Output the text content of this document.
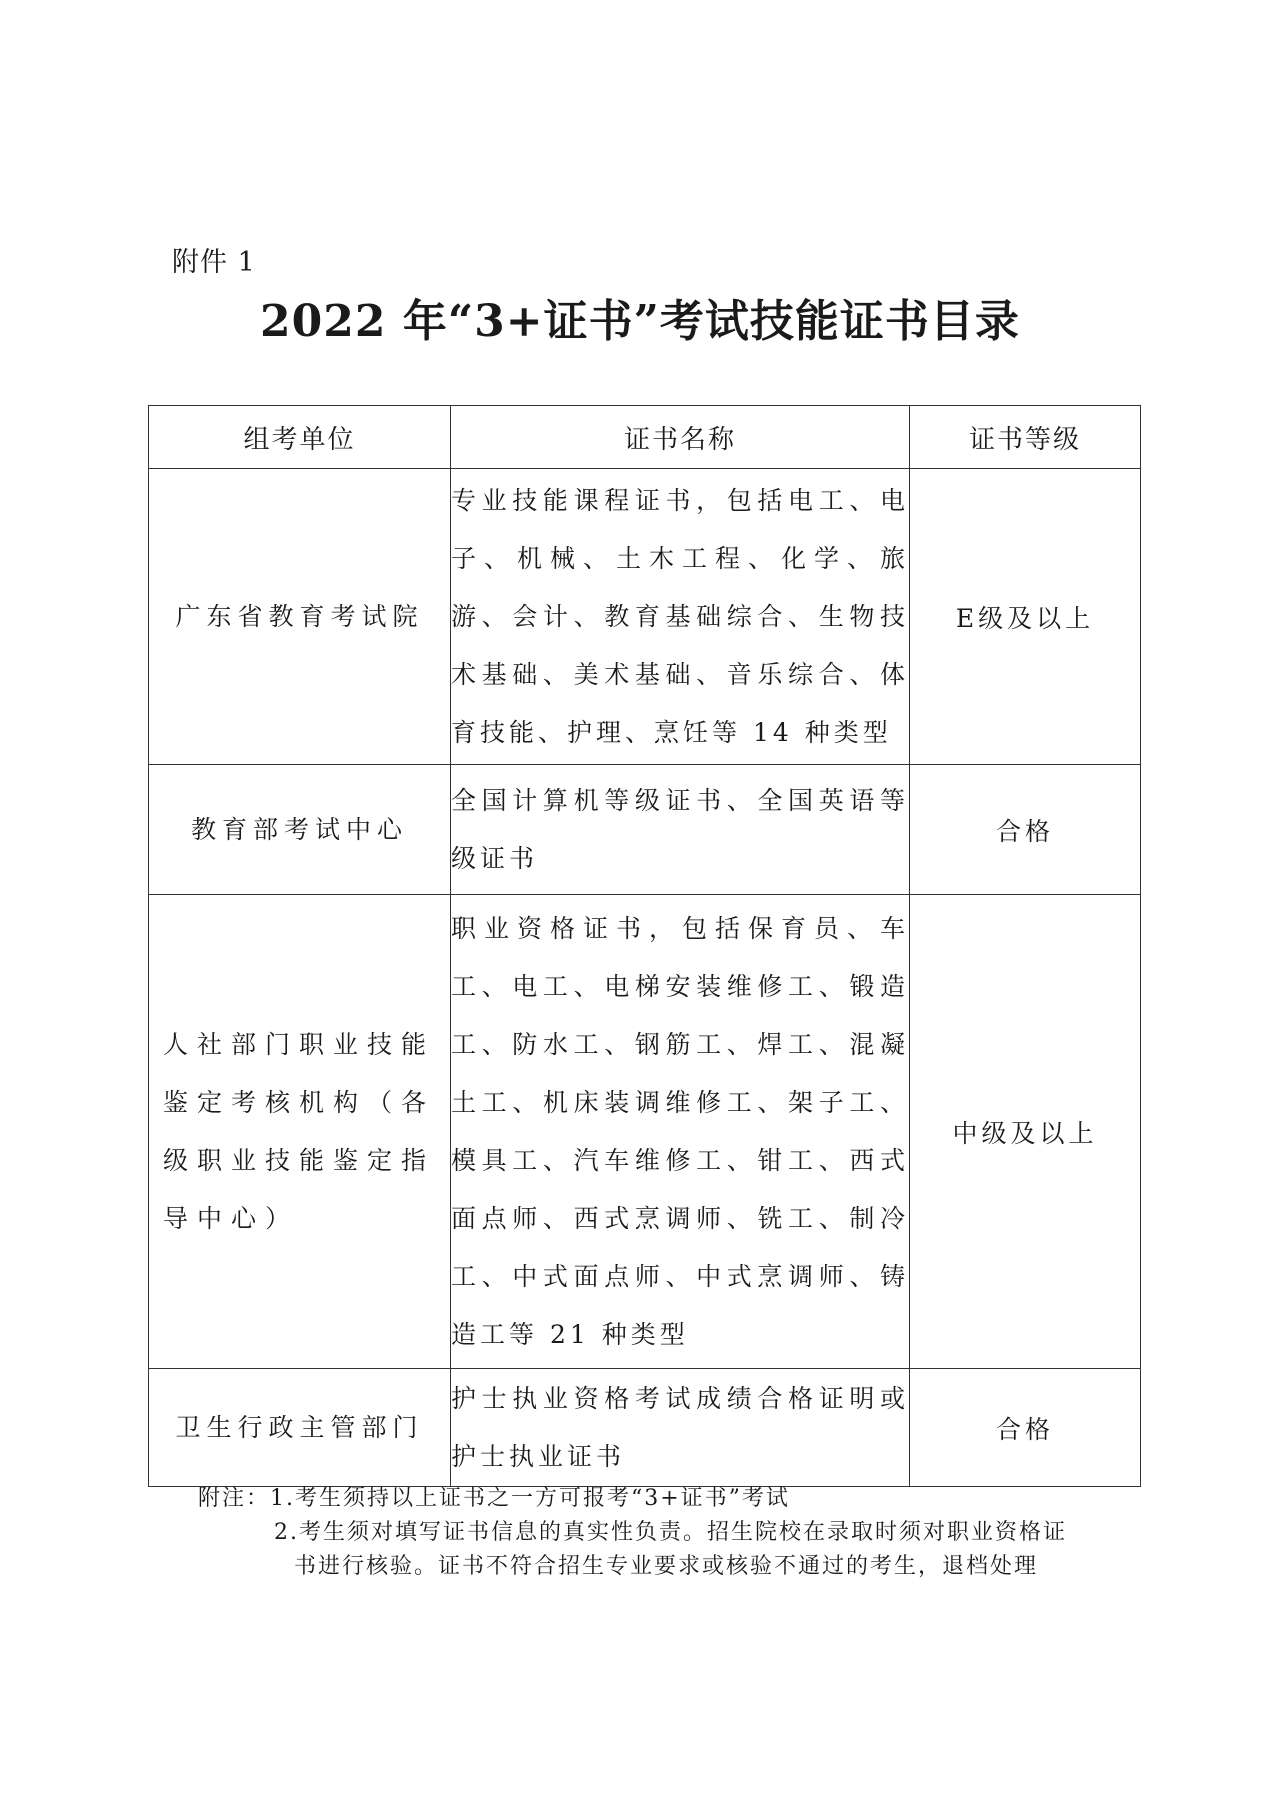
附件 1
2022 年“3+证书”考试技能证书目录
组考单位	证书名称	证书等级
广东省教育考试院	专业技能课程证书，包括电工、电子、机械、土木工程、化学、旅游、会计、教育基础综合、生物技术基础、美术基础、音乐综合、体育技能、护理、烹饪等 14 种类型	E级及以上
教育部考试中心	全国计算机等级证书、全国英语等级证书	合格
人社部门职业技能鉴定考核机构（各级职业技能鉴定指导中心）	职业资格证书，包括保育员、车工、电工、电梯安装维修工、锻造工、防水工、钢筋工、焊工、混凝土工、机床装调维修工、架子工、模具工、汽车维修工、钳工、西式面点师、西式烹调师、铣工、制冷工、中式面点师、中式烹调师、铸造工等 21 种类型	中级及以上
卫生行政主管部门	护士执业资格考试成绩合格证明或护士执业证书	合格
附注：1.考生须持以上证书之一方可报考“3+证书”考试
2.考生须对填写证书信息的真实性负责。招生院校在录取时须对职业资格证
书进行核验。证书不符合招生专业要求或核验不通过的考生，退档处理
